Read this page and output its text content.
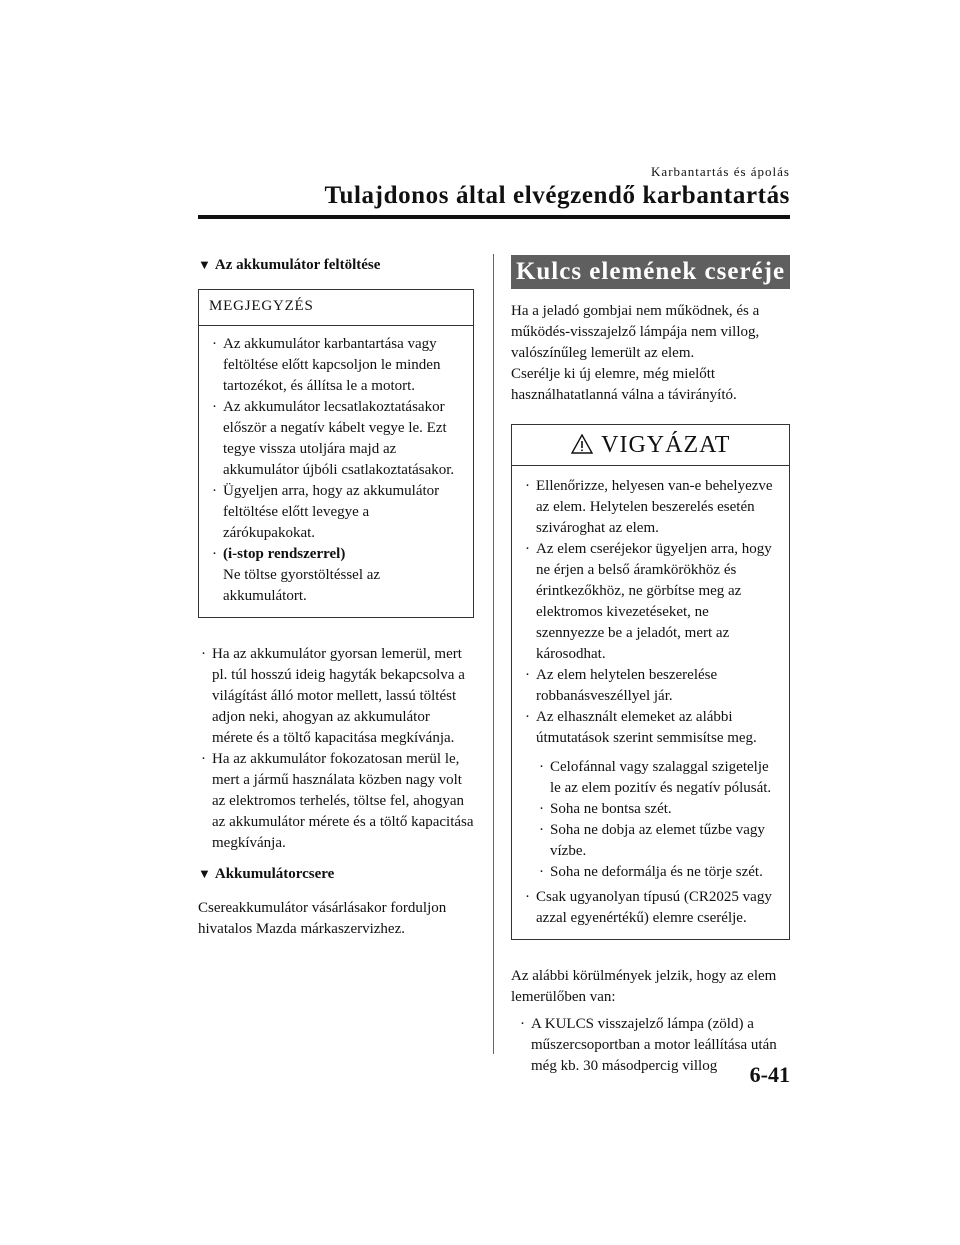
Karbantartás és ápolás
Tulajdonos által elvégzendő karbantartás
▼ Az akkumulátor feltöltése
MEGJEGYZÉS
· Az akkumulátor karbantartása vagy feltöltése előtt kapcsoljon le minden tartozékot, és állítsa le a motort.
· Az akkumulátor lecsatlakoztatásakor először a negatív kábelt vegye le. Ezt tegye vissza utoljára majd az akkumulátor újbóli csatlakoztatásakor.
· Ügyeljen arra, hogy az akkumulátor feltöltése előtt levegye a zárókupakokat.
· (i-stop rendszerrel)
Ne töltse gyorstöltéssel az akkumulátort.
· Ha az akkumulátor gyorsan lemerül, mert pl. túl hosszú ideig hagyták bekapcsolva a világítást álló motor mellett, lassú töltést adjon neki, ahogyan az akkumulátor mérete és a töltő kapacitása megkívánja.
· Ha az akkumulátor fokozatosan merül le, mert a jármű használata közben nagy volt az elektromos terhelés, töltse fel, ahogyan az akkumulátor mérete és a töltő kapacitása megkívánja.
▼ Akkumulátorcsere

Csereakkumulátor vásárlásakor forduljon hivatalos Mazda márkaszervizhez.

Kulcs elemének cseréje

Ha a jeladó gombjai nem működnek, és a működés-visszajelző lámpája nem villog, valószínűleg lemerült az elem.

Cserélje ki új elemre, még mielőtt használhatatlanná válna a távirányító.

VIGYÁZAT
· Ellenőrizze, helyesen van-e behelyezve az elem. Helytelen beszerelés esetén szivároghat az elem.
· Az elem cseréjekor ügyeljen arra, hogy ne érjen a belső áramkörökhöz és érintkezőkhöz, ne görbítse meg az elektromos kivezetéseket, ne szennyezze be a jeladót, mert az károsodhat.
· Az elem helytelen beszerelése robbanásveszéllyel jár.
· Az elhasznált elemeket az alábbi útmutatások szerint semmisítse meg.
· Celofánnal vagy szalaggal szigetelje le az elem pozitív és negatív pólusát.
· Soha ne bontsa szét.
· Soha ne dobja az elemet tűzbe vagy vízbe.
· Soha ne deformálja és ne törje szét.
· Csak ugyanolyan típusú (CR2025 vagy azzal egyenértékű) elemre cserélje.

Az alábbi körülmények jelzik, hogy az elem lemerülőben van:

· A KULCS visszajelző lámpa (zöld) a műszercsoportban a motor leállítása után még kb. 30 másodpercig villog	6-41
